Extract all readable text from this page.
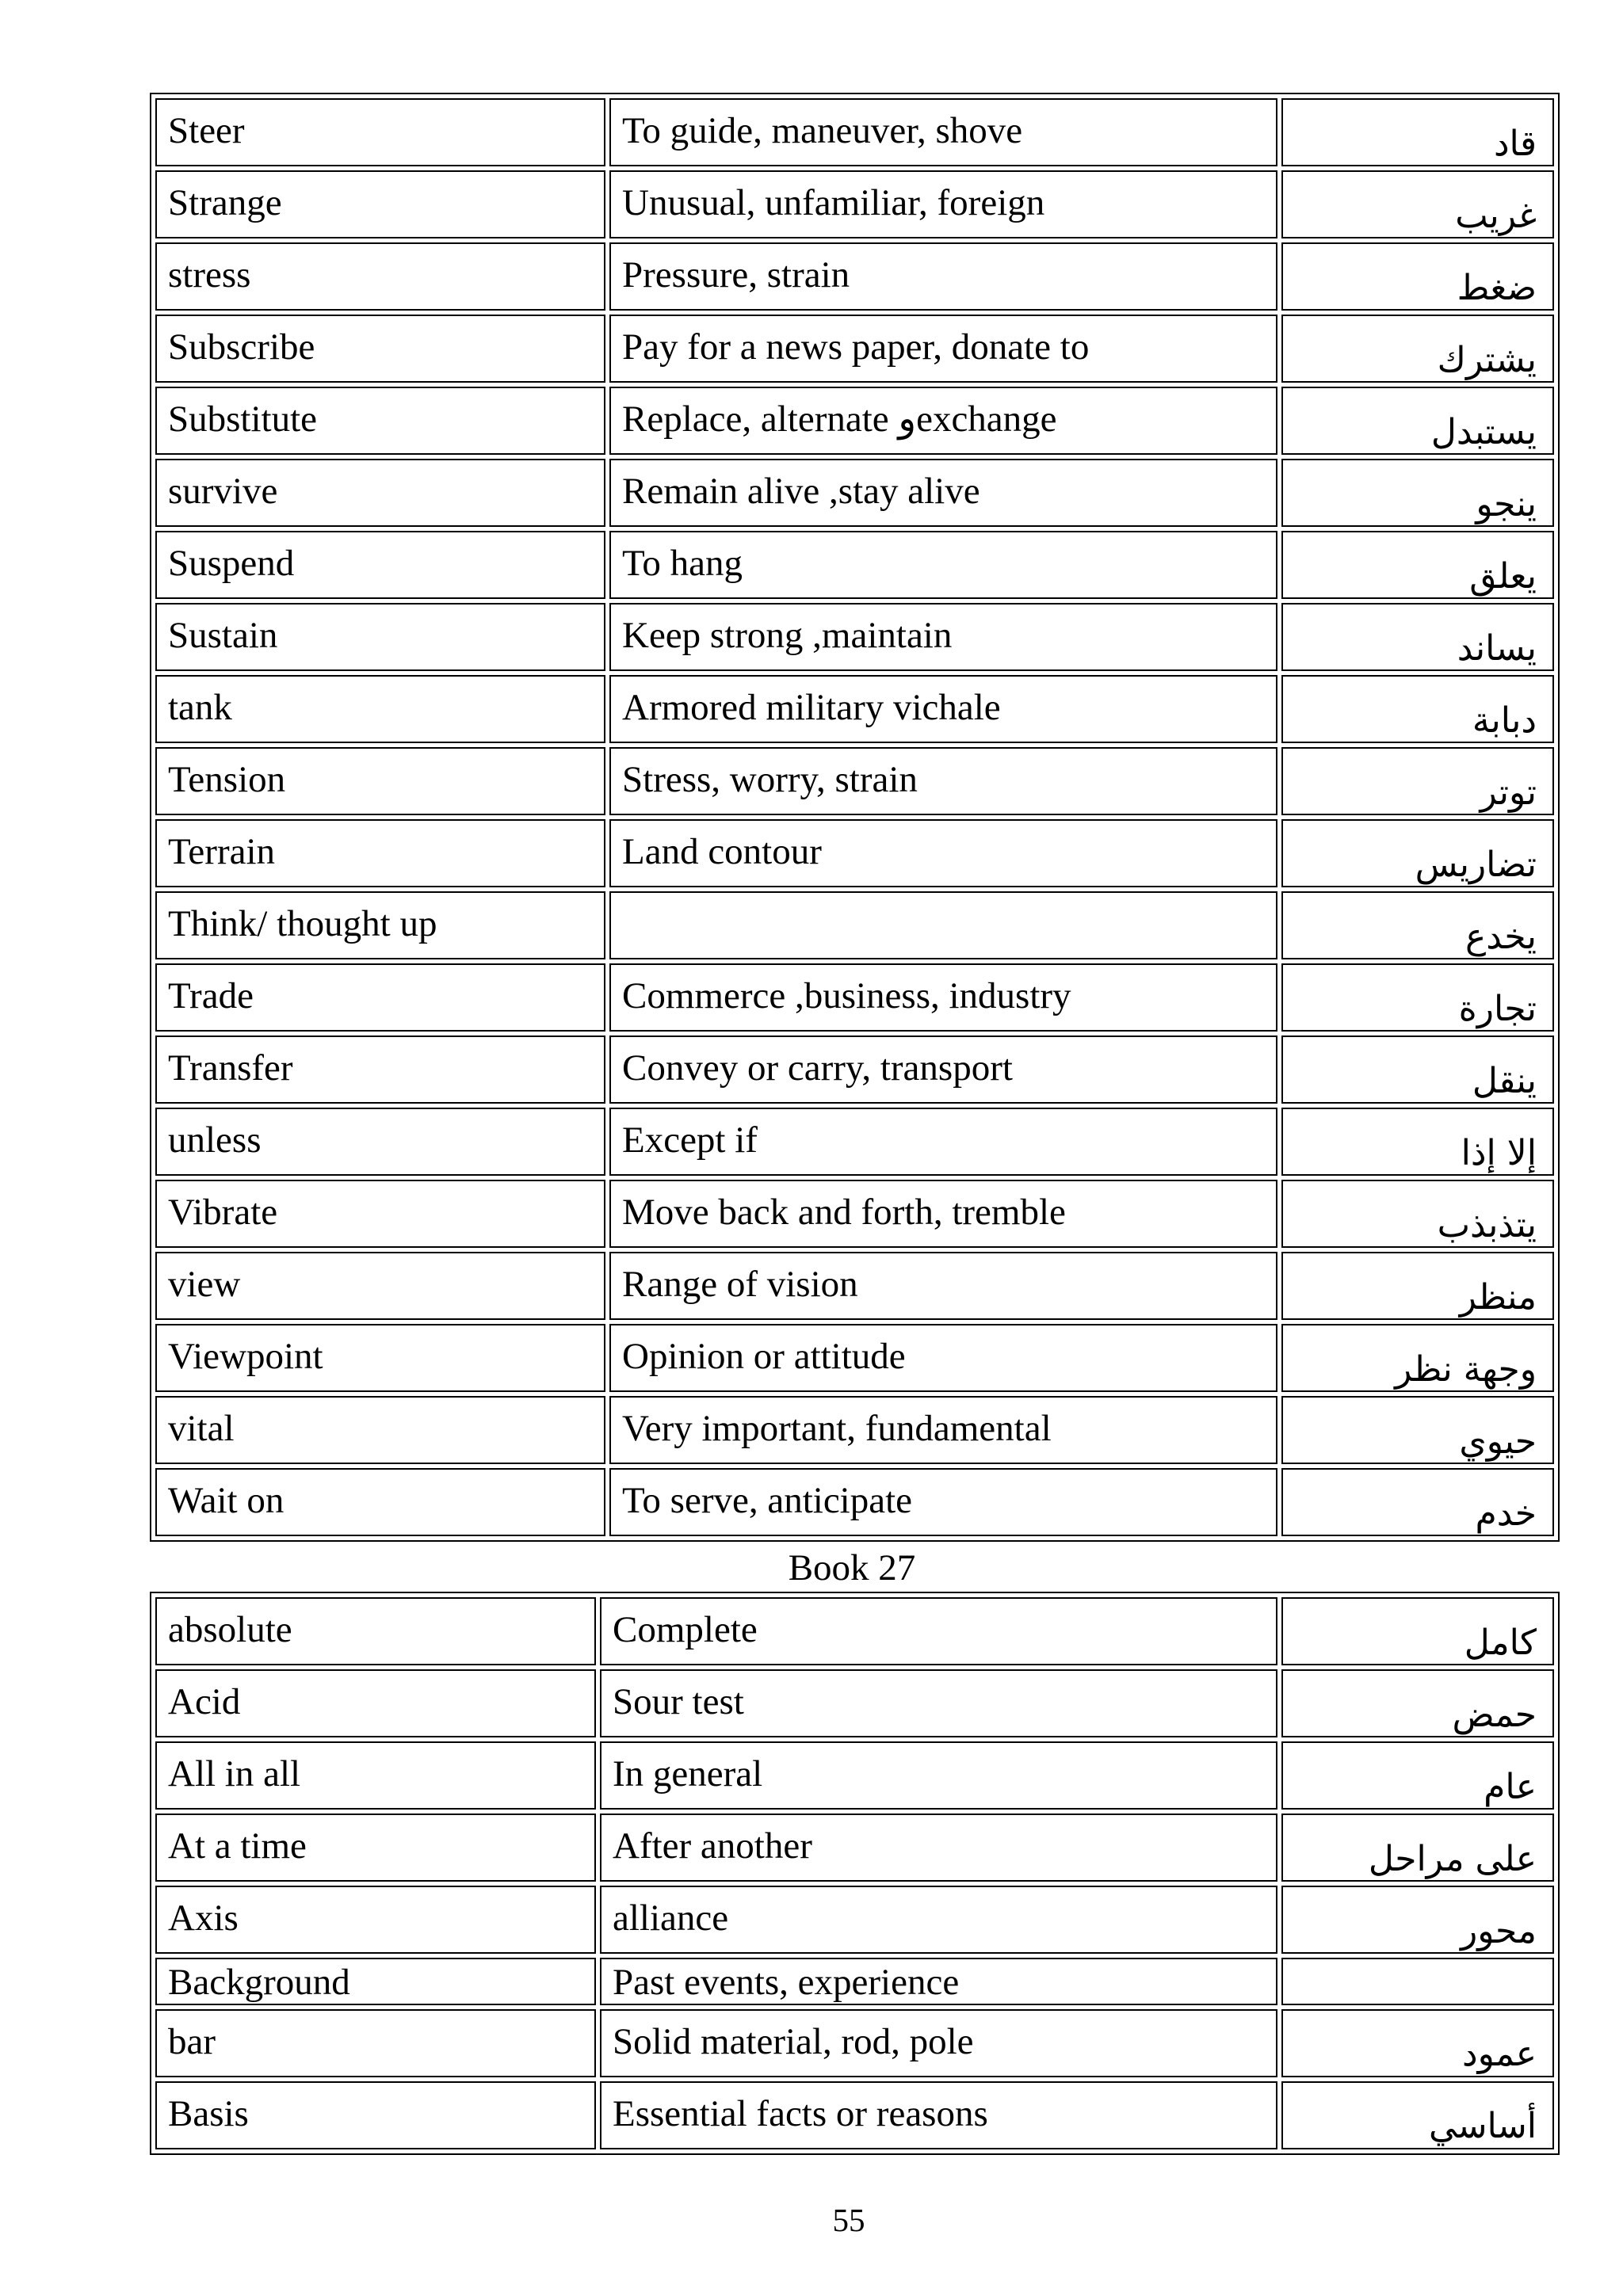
Steer	To guide, maneuver, shove	قاد

Strange	Unusual, unfamiliar, foreign	غريب

stress	Pressure, strain	ضغط

Subscribe	Pay for a news paper, donate to	يشترك

Substitute	Replace, alternate وexchange	يستبدل

survive	Remain alive ,stay alive	ينجو

Suspend	To hang	يعلق

Sustain	Keep strong ,maintain	يساند

tank	Armored military vichale	دبابة

Tension	Stress, worry, strain	توتر

Terrain	Land contour	تضاريس

Think/ thought up		يخدع

Trade	Commerce ,business, industry	تجارة

Transfer	Convey or carry, transport	ينقل

unless	Except if	إلا إذا

Vibrate	Move back and forth, tremble	يتذبذب

view	Range of vision	منظر

Viewpoint	Opinion or attitude	وجهة نظر

vital	Very important, fundamental	حيوي

Wait on	To serve, anticipate	خدم
Book 27
absolute	Complete	كامل

Acid	Sour test	حمض

All in all	In general	عام

At a time	After another	على مراحل

Axis	alliance	محور

Background	Past events, experience	

bar	Solid material, rod, pole	عمود

Basis	Essential facts or reasons	أساسي
55
